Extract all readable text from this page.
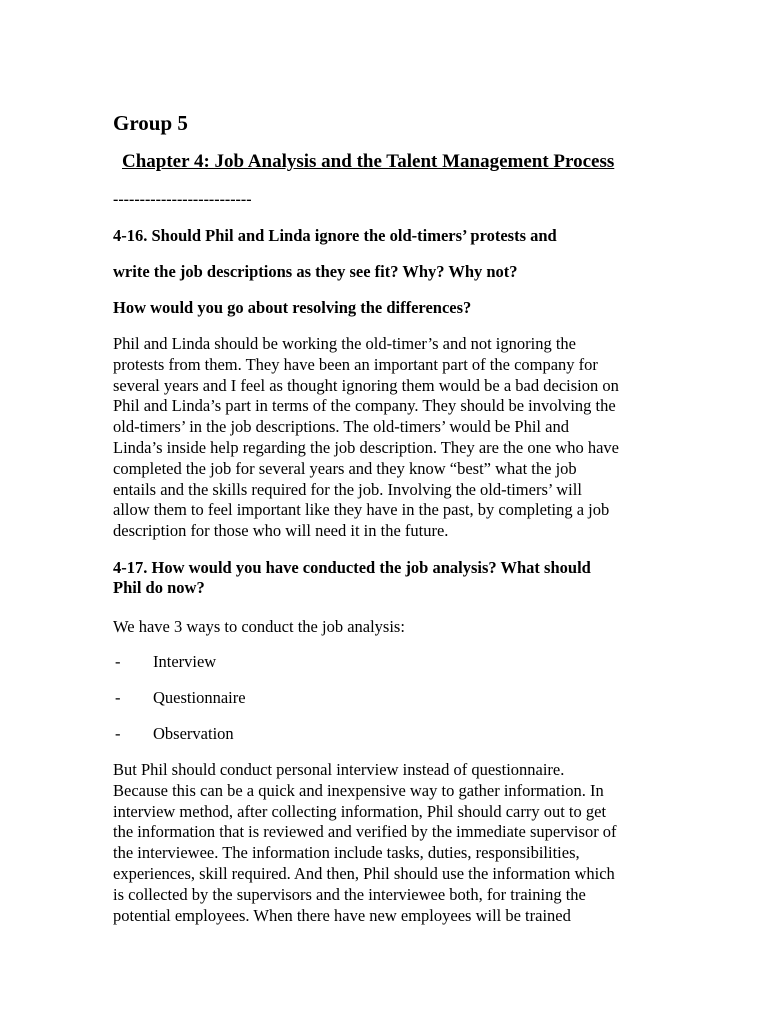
Group 5
Chapter 4: Job Analysis and the Talent Management Process
--------------------------

4-16. Should Phil and Linda ignore the old-timers’ protests and

write the job descriptions as they see fit? Why? Why not?

How would you go about resolving the differences?

Phil and Linda should be working the old-timer’s and not ignoring the
protests from them. They have been an important part of the company for
several years and I feel as thought ignoring them would be a bad decision on
Phil and Linda’s part in terms of the company. They should be involving the
old-timers’ in the job descriptions. The old-timers’ would be Phil and
Linda’s inside help regarding the job description. They are the one who have
completed the job for several years and they know “best” what the job
entails and the skills required for the job. Involving the old-timers’ will
allow them to feel important like they have in the past, by completing a job
description for those who will need it in the future.
4-17. How would you have conducted the job analysis? What should
Phil do now?

We have 3 ways to conduct the job analysis:

- Interview
- Questionnaire
- Observation
But Phil should conduct personal interview instead of questionnaire.
Because this can be a quick and inexpensive way to gather information. In
interview method, after collecting information, Phil should carry out to get
the information that is reviewed and verified by the immediate supervisor of
the interviewee. The information include tasks, duties, responsibilities,
experiences, skill required. And then, Phil should use the information which
is collected by the supervisors and the interviewee both, for training the
potential employees. When there have new employees will be trained
